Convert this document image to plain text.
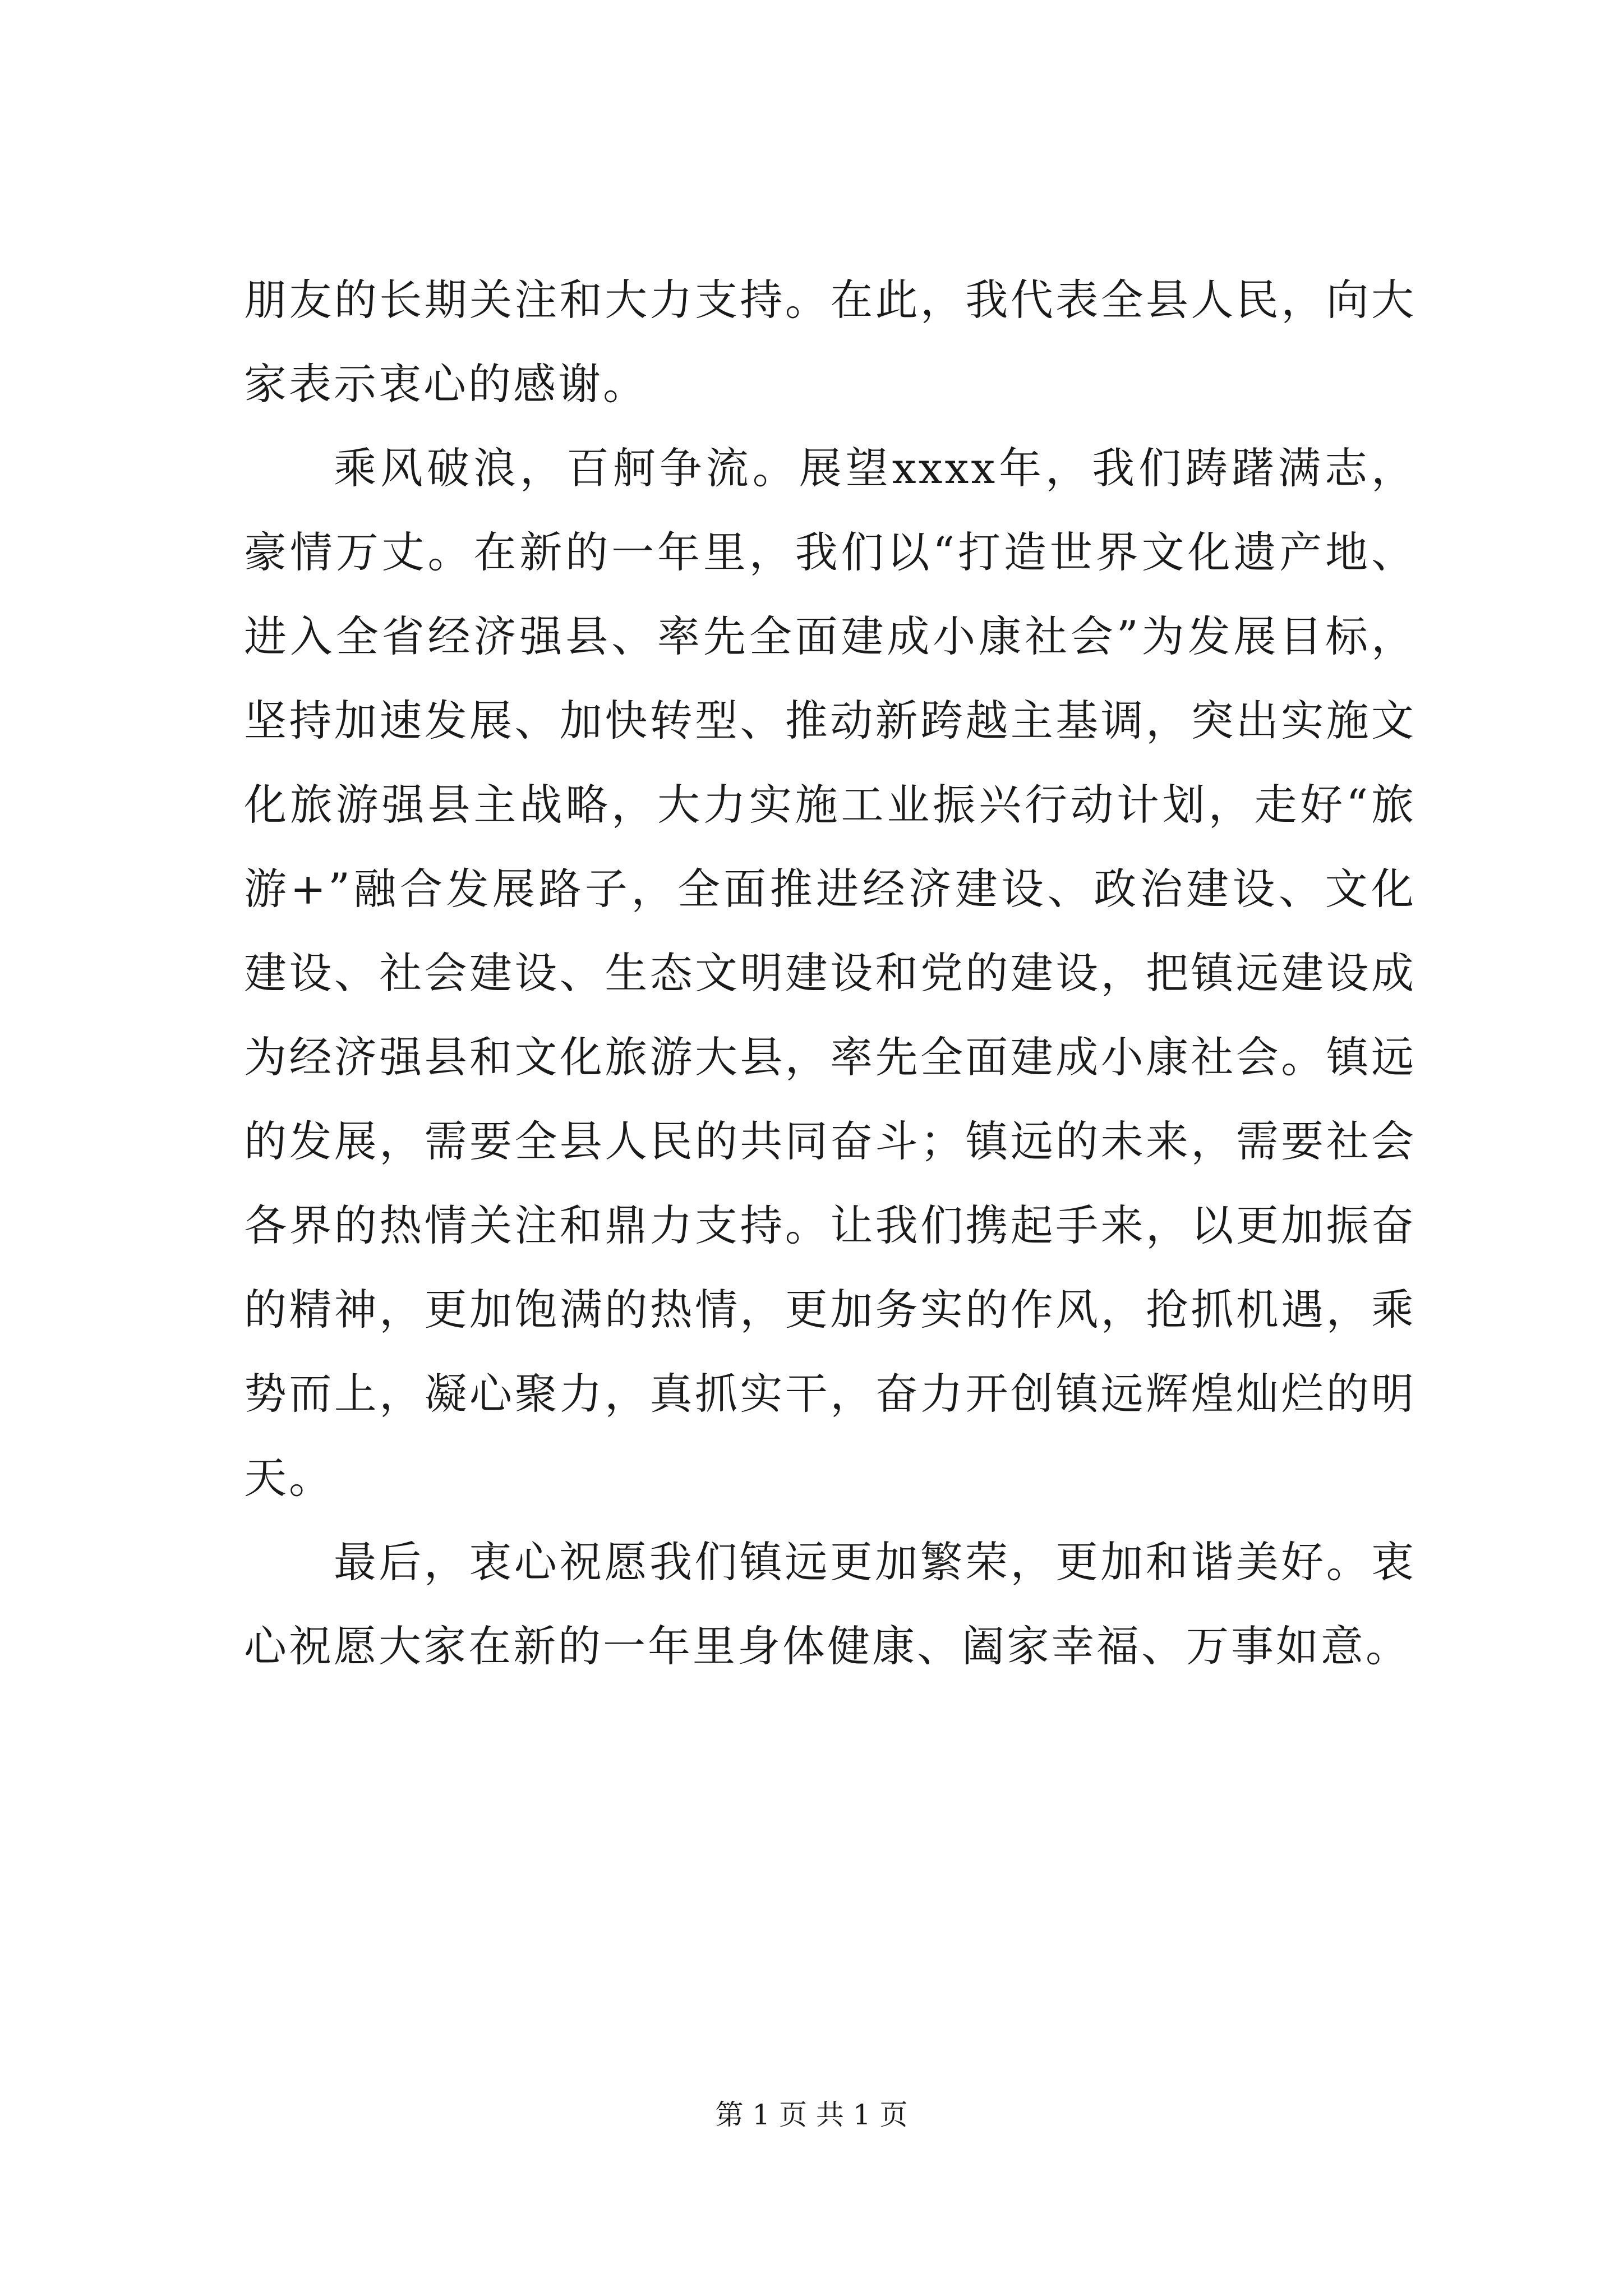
朋友的长期关注和大力支持。在此，我代表全县人民，向大家表示衷心的感谢。

乘风破浪，百舸争流。展望xxxx年，我们踌躇满志，豪情万丈。在新的一年里，我们以“打造世界文化遗产地、进入全省经济强县、率先全面建成小康社会”为发展目标，坚持加速发展、加快转型、推动新跨越主基调，突出实施文化旅游强县主战略，大力实施工业振兴行动计划，走好“旅游+”融合发展路子，全面推进经济建设、政治建设、文化建设、社会建设、生态文明建设和党的建设，把镇远建设成为经济强县和文化旅游大县，率先全面建成小康社会。镇远的发展，需要全县人民的共同奋斗；镇远的未来，需要社会各界的热情关注和鼎力支持。让我们携起手来，以更加振奋的精神，更加饱满的热情，更加务实的作风，抢抓机遇，乘势而上，凝心聚力，真抓实干，奋力开创镇远辉煌灿烂的明天。

最后，衷心祝愿我们镇远更加繁荣，更加和谐美好。衷心祝愿大家在新的一年里身体健康、阖家幸福、万事如意。

第 1 页 共 1 页
